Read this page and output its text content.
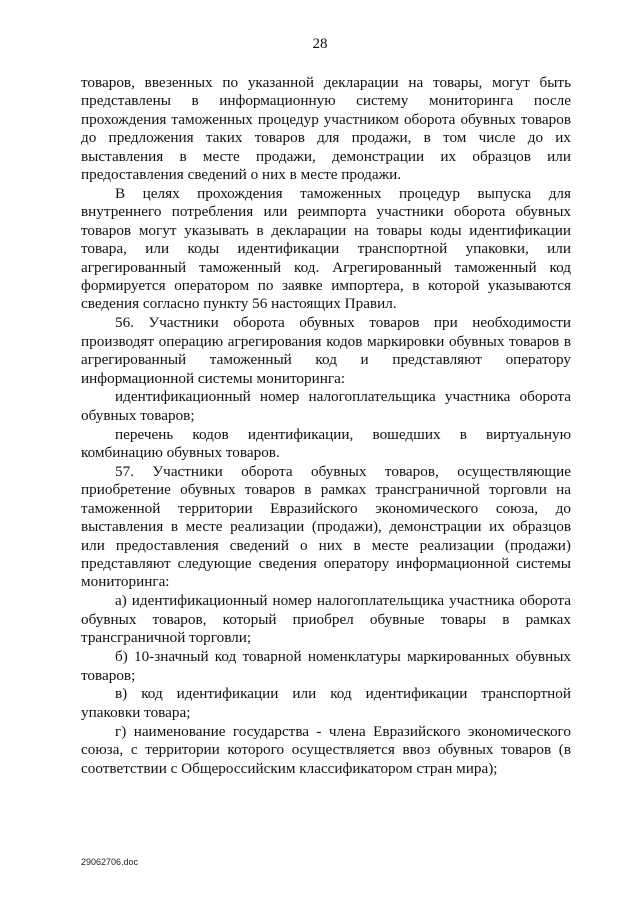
28

товаров, ввезенных по указанной декларации на товары, могут быть представлены в информационную систему мониторинга после прохождения таможенных процедур участником оборота обувных товаров до предложения таких товаров для продажи, в том числе до их выставления в месте продажи, демонстрации их образцов или предоставления сведений о них в месте продажи.

В целях прохождения таможенных процедур выпуска для внутреннего потребления или реимпорта участники оборота обувных товаров могут указывать в декларации на товары коды идентификации товара, или коды идентификации транспортной упаковки, или агрегированный таможенный код. Агрегированный таможенный код формируется оператором по заявке импортера, в которой указываются сведения согласно пункту 56 настоящих Правил.

56. Участники оборота обувных товаров при необходимости производят операцию агрегирования кодов маркировки обувных товаров в агрегированный таможенный код и представляют оператору информационной системы мониторинга:

идентификационный номер налогоплательщика участника оборота обувных товаров;

перечень кодов идентификации, вошедших в виртуальную комбинацию обувных товаров.

57. Участники оборота обувных товаров, осуществляющие приобретение обувных товаров в рамках трансграничной торговли на таможенной территории Евразийского экономического союза, до выставления в месте реализации (продажи), демонстрации их образцов или предоставления сведений о них в месте реализации (продажи) представляют следующие сведения оператору информационной системы мониторинга:

а) идентификационный номер налогоплательщика участника оборота обувных товаров, который приобрел обувные товары в рамках трансграничной торговли;

б) 10-значный код товарной номенклатуры маркированных обувных товаров;

в) код идентификации или код идентификации транспортной упаковки товара;

г) наименование государства - члена Евразийского экономического союза, с территории которого осуществляется ввоз обувных товаров (в соответствии с Общероссийским классификатором стран мира);

29062706.doc
